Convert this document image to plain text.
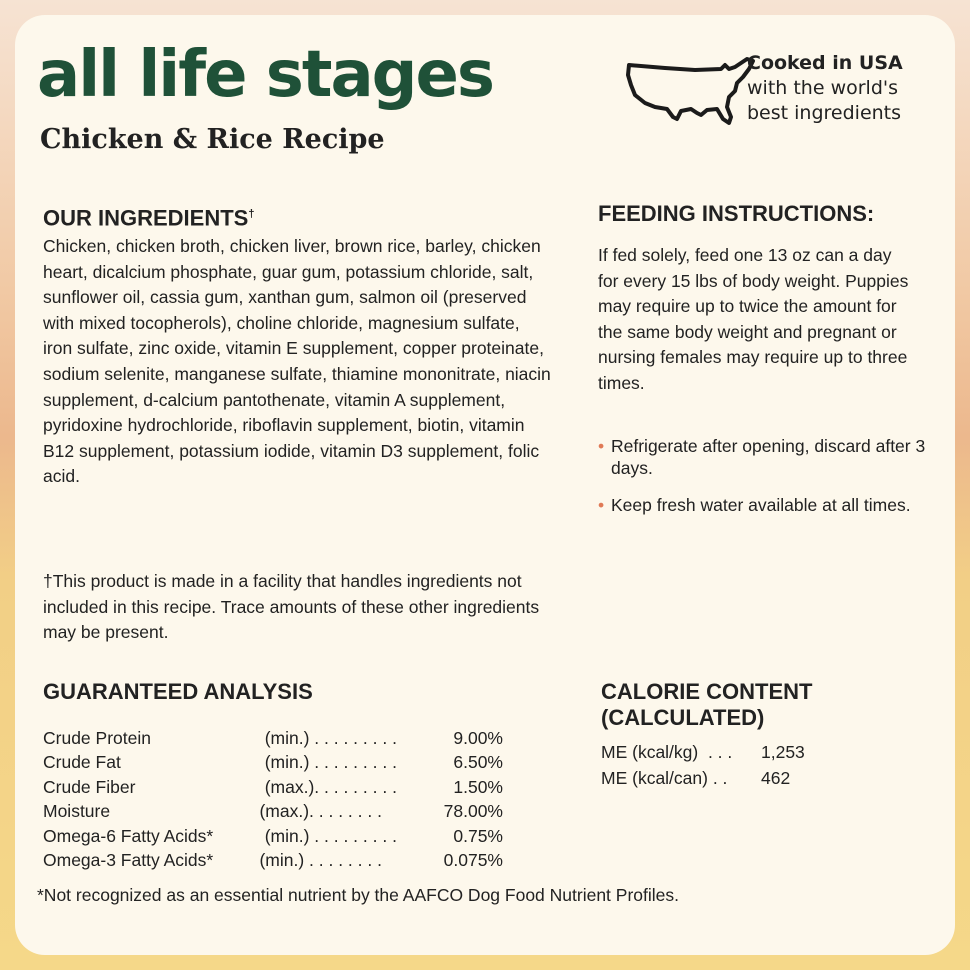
all life stages
Chicken & Rice Recipe
Cooked in USA
with the world's
best ingredients
OUR INGREDIENTS†
Chicken, chicken broth, chicken liver, brown rice, barley, chicken heart, dicalcium phosphate, guar gum, potassium chloride, salt, sunflower oil, cassia gum, xanthan gum, salmon oil (preserved with mixed tocopherols), choline chloride, magnesium sulfate, iron sulfate, zinc oxide, vitamin E supplement, copper proteinate, sodium selenite, manganese sulfate, thiamine mononitrate, niacin supplement, d-calcium pantothenate, vitamin A supplement, pyridoxine hydrochloride, riboflavin supplement, biotin, vitamin B12 supplement, potassium iodide, vitamin D3 supplement, folic acid.
†This product is made in a facility that handles ingredients not included in this recipe. Trace amounts of these other ingredients may be present.
FEEDING INSTRUCTIONS:
If fed solely, feed one 13 oz can a day for every 15 lbs of body weight. Puppies may require up to twice the amount for the same body weight and pregnant or nursing females may require up to three times.
• Refrigerate after opening, discard after 3 days.
• Keep fresh water available at all times.
GUARANTEED ANALYSIS
Crude Protein	(min.) . . . . . . . . .	9.00%
Crude Fat	(min.) . . . . . . . . .	6.50%
Crude Fiber	(max.). . . . . . . . .	1.50%
Moisture	(max.). . . . . . . .	78.00%
Omega-6 Fatty Acids*	(min.) . . . . . . . . .	0.75%
Omega-3 Fatty Acids*	(min.) . . . . . . . .	0.075%
CALORIE CONTENT
(CALCULATED)
ME (kcal/kg)  . . .	1,253
ME (kcal/can) . .	462
*Not recognized as an essential nutrient by the AAFCO Dog Food Nutrient Profiles.
